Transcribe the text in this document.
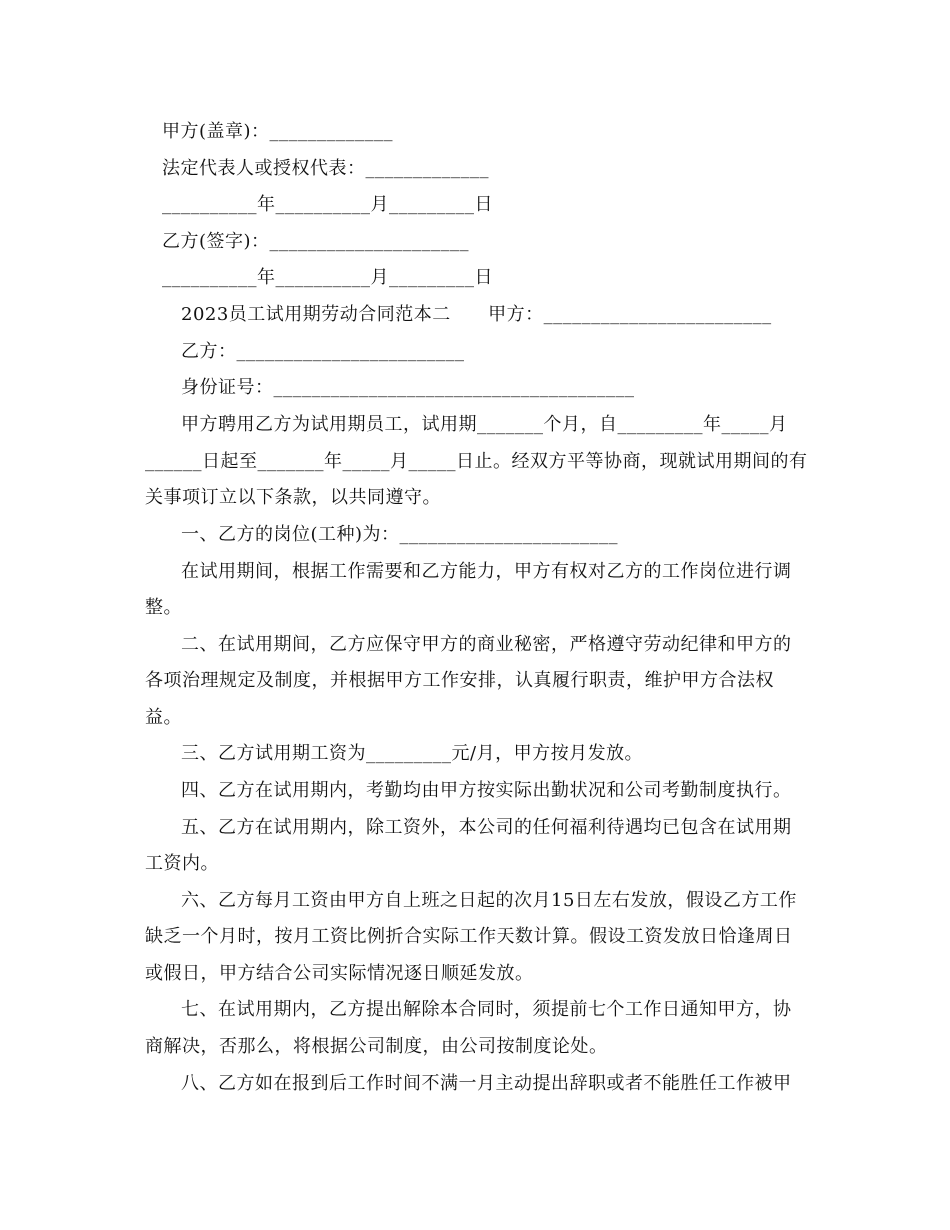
甲方(盖章)：_____________
法定代表人或授权代表：_____________
__________年__________月_________日
乙方(签字)：_____________________
__________年__________月_________日
2023员工试用期劳动合同范本二      甲方：________________________
乙方：________________________
身份证号：______________________________________
甲方聘用乙方为试用期员工，试用期_______个月，自_________年_____月
______日起至_______年_____月_____日止。经双方平等协商，现就试用期间的有
关事项订立以下条款，以共同遵守。
一、乙方的岗位(工种)为：_______________________
在试用期间，根据工作需要和乙方能力，甲方有权对乙方的工作岗位进行调
整。
二、在试用期间，乙方应保守甲方的商业秘密，严格遵守劳动纪律和甲方的
各项治理规定及制度，并根据甲方工作安排，认真履行职责，维护甲方合法权
益。
三、乙方试用期工资为_________元/月，甲方按月发放。
四、乙方在试用期内，考勤均由甲方按实际出勤状况和公司考勤制度执行。
五、乙方在试用期内，除工资外，本公司的任何福利待遇均已包含在试用期
工资内。
六、乙方每月工资由甲方自上班之日起的次月15日左右发放，假设乙方工作
缺乏一个月时，按月工资比例折合实际工作天数计算。假设工资发放日恰逢周日
或假日，甲方结合公司实际情况逐日顺延发放。
七、在试用期内，乙方提出解除本合同时，须提前七个工作日通知甲方，协
商解决，否那么，将根据公司制度，由公司按制度论处。
八、乙方如在报到后工作时间不满一月主动提出辞职或者不能胜任工作被甲
